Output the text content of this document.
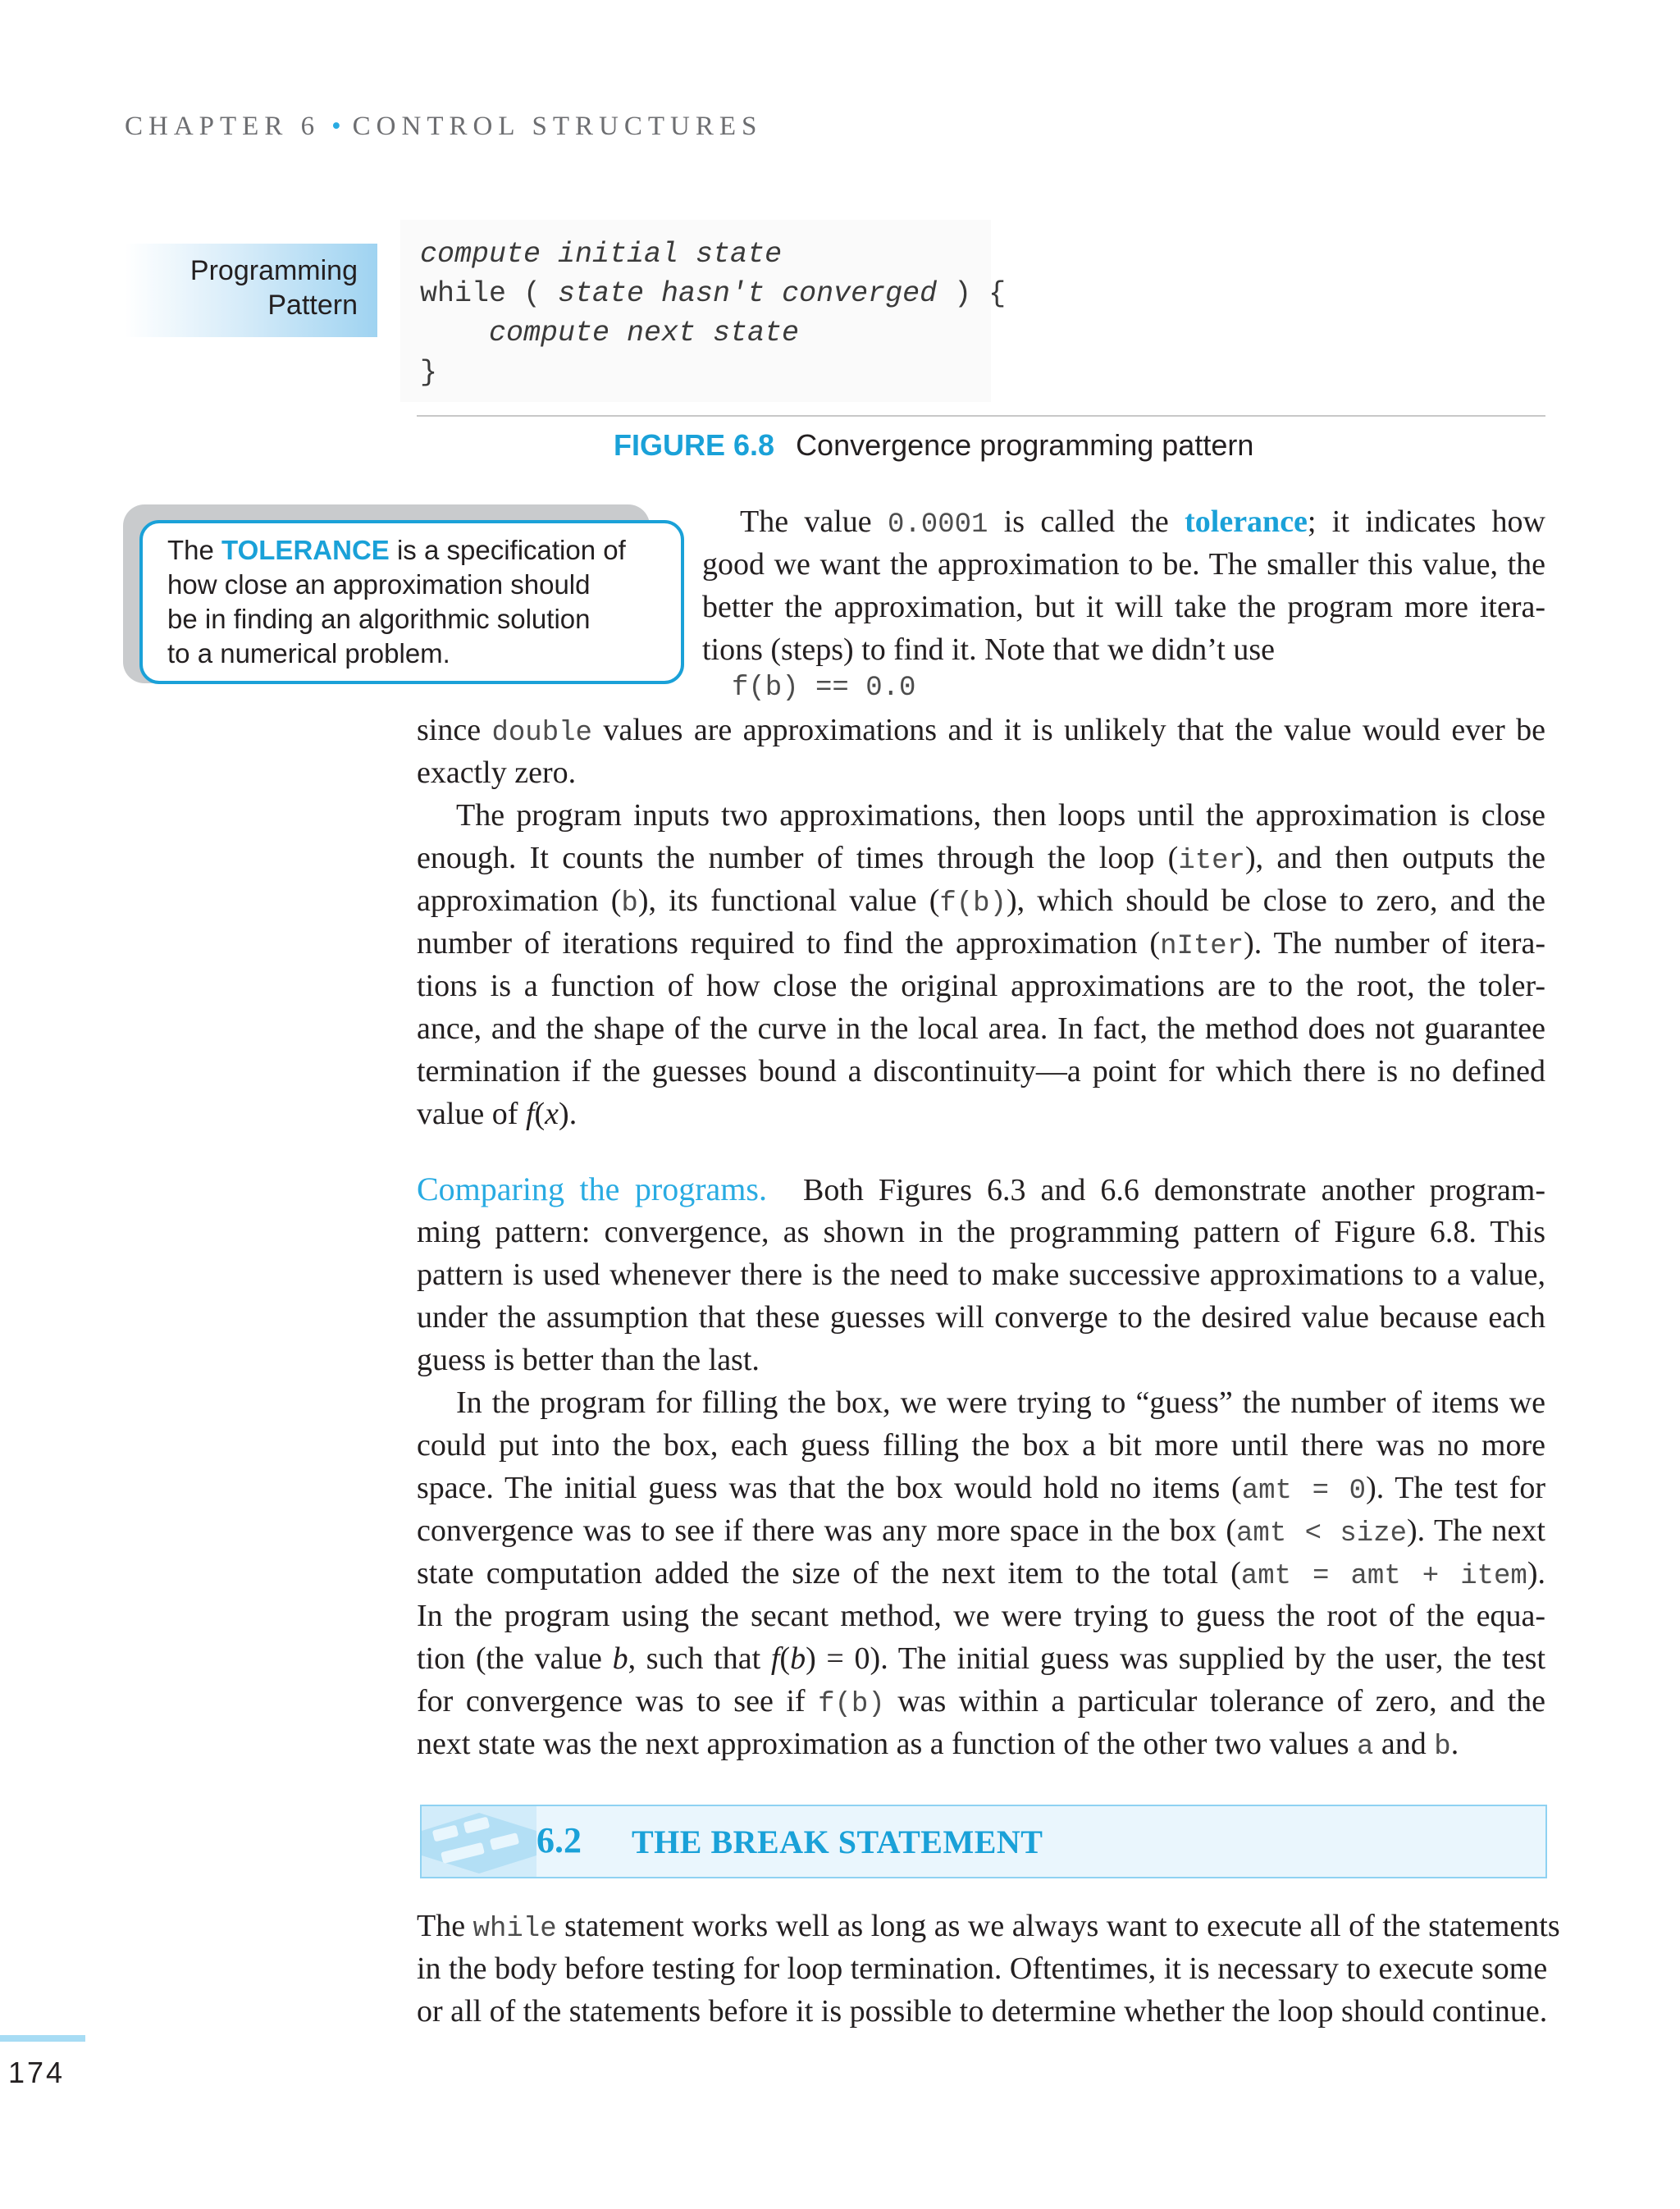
CHAPTER 6 • CONTROL STRUCTURES
Programming
Pattern
compute initial state
while ( state hasn't converged ) {
compute next state
}
FIGURE 6.8 Convergence programming pattern
The TOLERANCE is a specification of
how close an approximation should
be in finding an algorithmic solution
to a numerical problem.
The value 0.0001 is called the tolerance; it indicates how
good we want the approximation to be. The smaller this value, the
better the approximation, but it will take the program more itera-
tions (steps) to find it. Note that we didn’t use
f(b) == 0.0
since double values are approximations and it is unlikely that the value would ever be
exactly zero.
The program inputs two approximations, then loops until the approximation is close
enough. It counts the number of times through the loop (iter), and then outputs the
approximation (b), its functional value (f(b)), which should be close to zero, and the
number of iterations required to find the approximation (nIter). The number of itera-
tions is a function of how close the original approximations are to the root, the toler-
ance, and the shape of the curve in the local area. In fact, the method does not guarantee
termination if the guesses bound a discontinuity—a point for which there is no defined
value of f(x).
Comparing the programs. Both Figures 6.3 and 6.6 demonstrate another program-
ming pattern: convergence, as shown in the programming pattern of Figure 6.8. This
pattern is used whenever there is the need to make successive approximations to a value,
under the assumption that these guesses will converge to the desired value because each
guess is better than the last.
In the program for filling the box, we were trying to “guess” the number of items we
could put into the box, each guess filling the box a bit more until there was no more
space. The initial guess was that the box would hold no items (amt = 0). The test for
convergence was to see if there was any more space in the box (amt < size). The next
state computation added the size of the next item to the total (amt = amt + item).
In the program using the secant method, we were trying to guess the root of the equa-
tion (the value b, such that f(b) = 0). The initial guess was supplied by the user, the test
for convergence was to see if f(b) was within a particular tolerance of zero, and the
next state was the next approximation as a function of the other two values a and b.
6.2 THE BREAK STATEMENT
The while statement works well as long as we always want to execute all of the statements
in the body before testing for loop termination. Oftentimes, it is necessary to execute some
or all of the statements before it is possible to determine whether the loop should continue.
174
